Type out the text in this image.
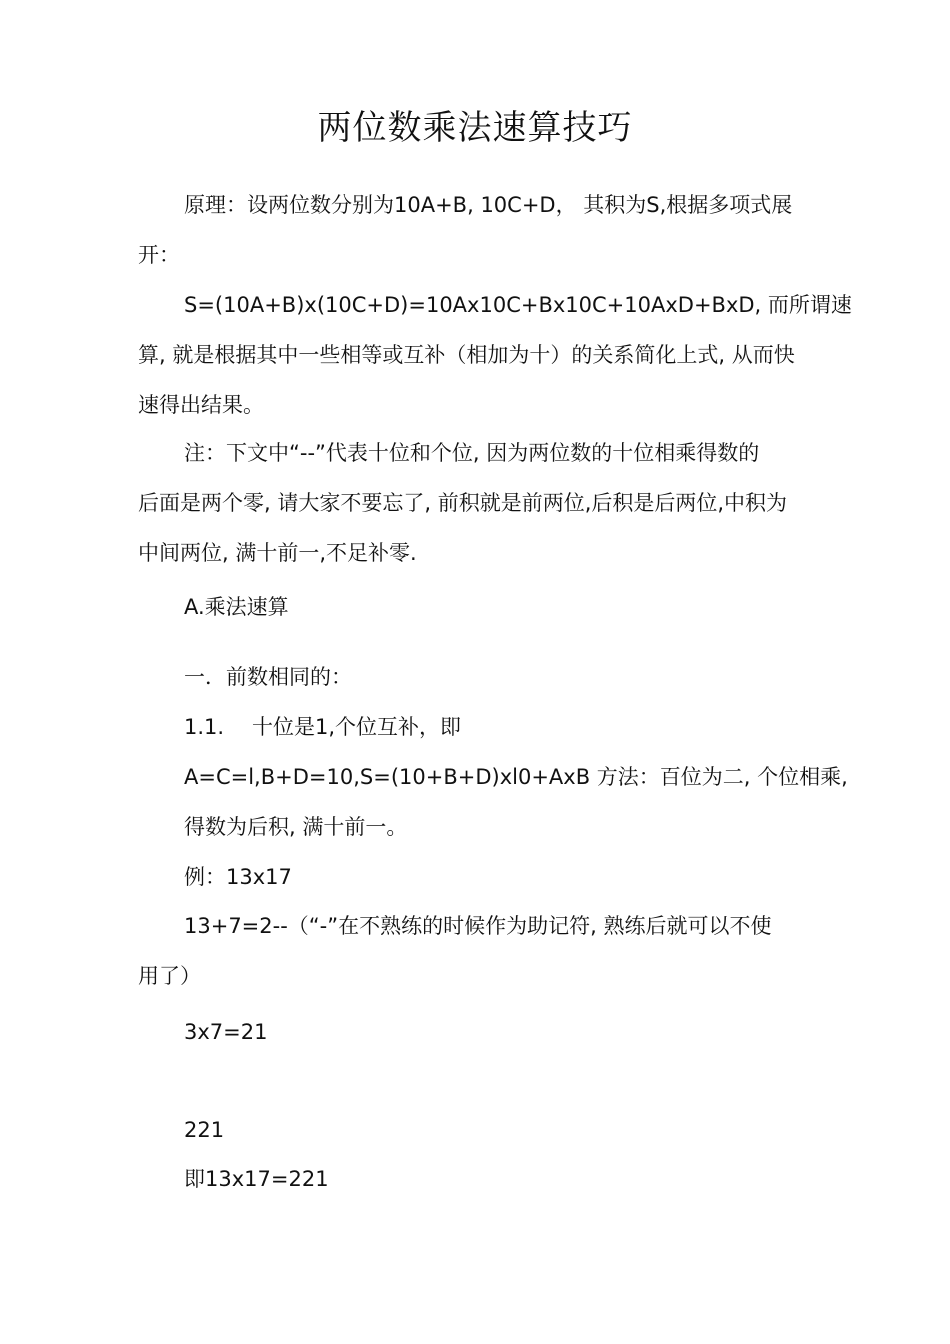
两位数乘法速算技巧
原理：设两位数分别为10A+B, 10C+D， 其积为S,根据多项式展
开：
S=(10A+B)x(10C+D)=10Ax10C+Bx10C+10AxD+BxD, 而所谓速
算, 就是根据其中一些相等或互补（相加为十）的关系简化上式, 从而快
速得出结果。
注：下文中“--”代表十位和个位, 因为两位数的十位相乘得数的
后面是两个零, 请大家不要忘了, 前积就是前两位,后积是后两位,中积为
中间两位, 满十前一,不足补零.
A.乘法速算
一．前数相同的：
1.1. 十位是1,个位互补，即
A=C=l,B+D=10,S=(10+B+D)xl0+AxB 方法：百位为二, 个位相乘,
得数为后积, 满十前一。
例：13x17
13+7=2--（“-”在不熟练的时候作为助记符, 熟练后就可以不使
用了）
3x7=21
221
即13x17=221
